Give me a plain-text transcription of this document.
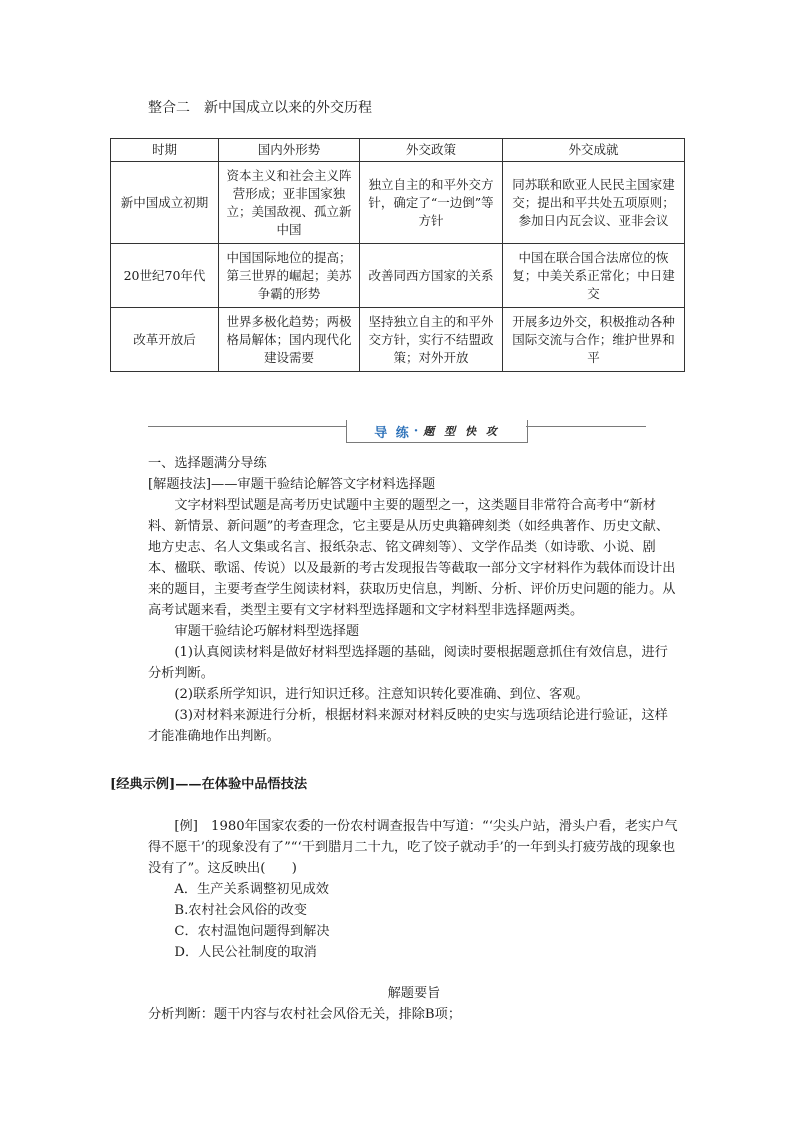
整合二　新中国成立以来的外交历程
时期	国内外形势	外交政策	外交成就
新中国成立初期	资本主义和社会主义阵营形成；亚非国家独立；美国敌视、孤立新中国	独立自主的和平外交方针，确定了“一边倒”等方针	同苏联和欧亚人民民主国家建交；提出和平共处五项原则；参加日内瓦会议、亚非会议
20世纪70年代	中国国际地位的提高；第三世界的崛起；美苏争霸的形势	改善同西方国家的关系	中国在联合国合法席位的恢复；中美关系正常化；中日建交
改革开放后	世界多极化趋势；两极格局解体；国内现代化建设需要	坚持独立自主的和平外交方针，实行不结盟政策；对外开放	开展多边外交，积极推动各种国际交流与合作；维护世界和平
导 练 · 题 型 快 攻

一、选择题满分导练

[解题技法]——审题干验结论解答文字材料选择题

文字材料型试题是高考历史试题中主要的题型之一，这类题目非常符合高考中“新材料、新情景、新问题”的考查理念，它主要是从历史典籍碑刻类（如经典著作、历史文献、地方史志、名人文集或名言、报纸杂志、铭文碑刻等）、文学作品类（如诗歌、小说、剧本、楹联、歌谣、传说）以及最新的考古发现报告等截取一部分文字材料作为载体而设计出来的题目，主要考查学生阅读材料，获取历史信息，判断、分析、评价历史问题的能力。从高考试题来看，类型主要有文字材料型选择题和文字材料型非选择题两类。

审题干验结论巧解材料型选择题

(1)认真阅读材料是做好材料型选择题的基础，阅读时要根据题意抓住有效信息，进行分析判断。

(2)联系所学知识，进行知识迁移。注意知识转化要准确、到位、客观。

(3)对材料来源进行分析，根据材料来源对材料反映的史实与选项结论进行验证，这样才能准确地作出判断。

[经典示例]——在体验中品悟技法

[例]　1980年国家农委的一份农村调查报告中写道：“‘尖头户站，滑头户看，老实户气得不愿干’的现象没有了”“‘干到腊月二十九，吃了饺子就动手’的一年到头打疲劳战的现象也没有了”。这反映出(　　)

A．生产关系调整初见成效

B.农村社会风俗的改变

C．农村温饱问题得到解决

D．人民公社制度的取消

解题要旨

分析判断：题干内容与农村社会风俗无关，排除B项；
